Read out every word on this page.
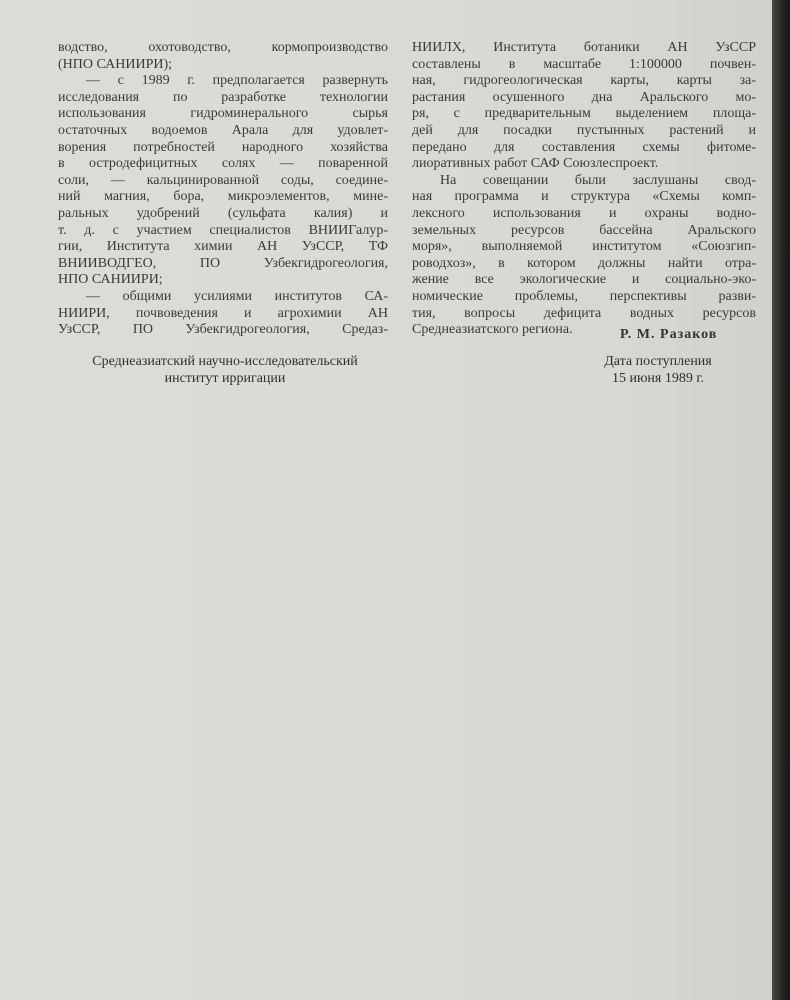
водство, охотоводство, кормопроизводство
(НПО САНИИРИ);
— с 1989 г. предполагается развернуть
исследования по разработке технологии
использования гидроминерального сырья
остаточных водоемов Арала для удовлет-
ворения потребностей народного хозяйства
в остродефицитных солях — поваренной
соли, — кальцинированной соды, соедине-
ний магния, бора, микроэлементов, мине-
ральных удобрений (сульфата калия) и
т. д. с участием специалистов ВНИИГалур-
гии, Института химии АН УзССР, ТФ
ВНИИВОДГЕО, ПО Узбекгидрогеология,
НПО САНИИРИ;
— общими усилиями институтов СА-
НИИРИ, почвоведения и агрохимии АН
УзССР, ПО Узбекгидрогеология, Средаз-
НИИЛХ, Института ботаники АН УзССР
составлены в масштабе 1:100000 почвен-
ная, гидрогеологическая карты, карты за-
растания осушенного дна Аральского мо-
ря, с предварительным выделением площа-
дей для посадки пустынных растений и
передано для составления схемы фитоме-
лиоративных работ САФ Союзлеспроект.
На совещании были заслушаны свод-
ная программа и структура «Схемы комп-
лексного использования и охраны водно-
земельных ресурсов бассейна Аральского
моря», выполняемой институтом «Союзгип-
роводхоз», в котором должны найти отра-
жение все экологические и социально-эко-
номические проблемы, перспективы разви-
тия, вопросы дефицита водных ресурсов
Среднеазиатского региона.	Р. М. Разаков
Среднеазиатский научно-исследовательский
институт ирригации
Дата поступления
15 июня 1989 г.
